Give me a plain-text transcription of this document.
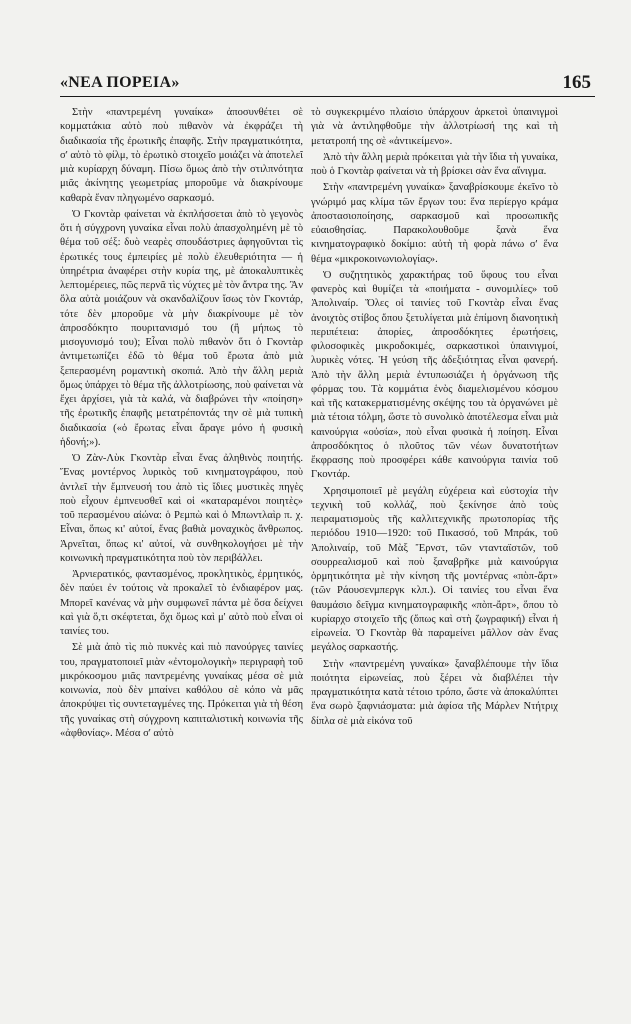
«ΝΕΑ ΠΟΡΕΙΑ»	165

Στὴν «παντρεμένη γυναίκα» ἀποσυνθέτει σὲ κομματάκια αὐτὸ ποὺ πιθανὸν νὰ ἐκφράζει τὴ διαδικασία τῆς ἐρωτικῆς ἐπαφῆς. Στὴν πραγματικότητα, σ' αὐτὸ τὸ φίλμ, τὸ ἐρωτικὸ στοιχεῖο μοιάζει νὰ ἀποτελεῖ μιὰ κυρίαρχη δύναμη. Πίσω ὅμως ἀπὸ τὴν στιλπνότητα μιᾶς ἀκίνητης γεωμετρίας μποροῦμε νὰ διακρίνουμε καθαρὰ ἕναν πληγωμένο σαρκασμό.

Ὁ Γκοντὰρ φαίνεται νὰ ἐκπλήσσεται ἀπὸ τὸ γεγονὸς ὅτι ἡ σύγχρονη γυναίκα εἶναι πολὺ ἀπασχολημένη μὲ τὸ θέμα τοῦ σέξ: δυὸ νεαρὲς σπουδάστριες ἀφηγοῦνται τὶς ἐρωτικές τους ἐμπειρίες μὲ πολὺ ἐλευθεριότητα — ἡ ὑπηρέτρια ἀναφέρει στὴν κυρία της, μὲ ἀποκαλυπτικὲς λεπτομέρειες, πῶς περνᾶ τὶς νύχτες μὲ τὸν ἄντρα της. Ἂν ὅλα αὐτὰ μοιάζουν νὰ σκανδαλίζουν ἴσως τὸν Γκοντάρ, τότε δὲν μποροῦμε νὰ μὴν διακρίνουμε μὲ τὸν ἀπροσδόκητο πουριτανισμό του (ἢ μήπως τὸ μισογυνισμό του); Εἶναι πολὺ πιθανὸν ὅτι ὁ Γκοντὰρ ἀντιμετωπίζει ἐδῶ τὸ θέμα τοῦ ἔρωτα ἀπὸ μιὰ ξεπερασμένη ρομαντικὴ σκοπιά. Ἀπὸ τὴν ἄλλη μεριὰ ὅμως ὑπάρχει τὸ θέμα τῆς ἀλλοτρίωσης, ποὺ φαίνεται νὰ ἔχει ἀρχίσει, γιὰ τὰ καλά, νὰ διαβρώνει τὴν «ποίηση» τῆς ἐρωτικῆς ἐπαφῆς μετατρέποντάς την σὲ μιὰ τυπικὴ διαδικασία («ὁ ἔρωτας εἶναι ἄραγε μόνο ἡ φυσικὴ ἡδονή;»).

Ὁ Ζὰν-Λὺκ Γκοντὰρ εἶναι ἕνας ἀληθινὸς ποιητής. Ἕνας μοντέρνος λυρικὸς τοῦ κινηματογράφου, ποὺ ἀντλεῖ τὴν ἔμπνευσή του ἀπὸ τὶς ἴδιες μυστικὲς πηγὲς ποὺ εἶχουν ἐμπνευσθεῖ καὶ οἱ «καταραμένοι ποιητὲς» τοῦ περασμένου αἰώνα: ὁ Ρεμπὼ καὶ ὁ Μπωντλαὶρ π. χ. Εἶναι, ὅπως κι' αὐτοί, ἕνας βαθιὰ μοναχικὸς ἄνθρωπος. Ἀρνεῖται, ὅπως κι' αὐτοί, νὰ συνθηκολογήσει μὲ τὴν κοινωνικὴ πραγματικότητα ποὺ τὸν περιβάλλει.

Ἀρνιερατικός, φαντασμένος, προκλητικὸς, ἐρμητικός, δὲν παύει ἐν τούτοις νὰ προκαλεῖ τὸ ἐνδιαφέρον μας. Μπορεῖ κανένας νὰ μὴν συμφωνεῖ πάντα μὲ ὅσα δείχνει καὶ γιὰ ὅ,τι σκέφτεται, ὄχι ὅμως καὶ μ' αὐτὸ ποὺ εἶναι οἱ ταινίες του.

Σὲ μιὰ ἀπὸ τὶς πιὸ πυκνὲς καὶ πιὸ πανούργες ταινίες του, πραγματοποιεῖ μιὰν «ἐντομολογικὴ» περιγραφὴ τοῦ μικρόκοσμου μιᾶς παντρεμένης γυναίκας μέσα σὲ μιὰ κοινωνία, ποὺ δὲν μπαίνει καθόλου σὲ κόπο νὰ μᾶς ἀποκρύψει τὶς συντεταγμένες της. Πρόκειται γιὰ τὴ θέση τῆς γυναίκας στὴ σύγχρονη καπιταλιστικὴ κοινωνία τῆς «ἀφθονίας». Μέσα σ' αὐτὸ

τὸ συγκεκριμένο πλαίσιο ὑπάρχουν ἀρκετοὶ ὑπαινιγμοὶ γιὰ νὰ ἀντιληφθοῦμε τὴν ἀλλοτρίωσή της καὶ τὴ μετατροπή της σὲ «ἀντικείμενο».

Ἀπὸ τὴν ἄλλη μεριὰ πρόκειται γιὰ τὴν ἴδια τὴ γυναίκα, ποὺ ὁ Γκοντὰρ φαίνεται νὰ τὴ βρίσκει σὰν ἕνα αἴνιγμα.

Στὴν «παντρεμένη γυναίκα» ξαναβρίσκουμε ἐκεῖνο τὸ γνώριμό μας κλίμα τῶν ἔργων του: ἕνα περίεργο κράμα ἀποστασιοποίησης, σαρκασμοῦ καὶ προσωπικῆς εὐαισθησίας. Παρακολουθοῦμε ξανὰ ἕνα κινηματογραφικὸ δοκίμιο: αὐτὴ τὴ φορὰ πάνω σ' ἕνα θέμα «μικροκοινωνιολογίας».

Ὁ συζητητικὸς χαρακτήρας τοῦ ὕφους του εἶναι φανερὸς καὶ θυμίζει τὰ «ποιήματα - συνομιλίες» τοῦ Ἀπολιναίρ. Ὅλες οἱ ταινίες τοῦ Γκοντὰρ εἶναι ἕνας ἀνοιχτὸς στίβος ὅπου ξετυλίγεται μιὰ ἐπίμονη διανοητικὴ περιπέτεια: ἀπορίες, ἀπροσδόκητες ἐρωτήσεις, φιλοσοφικὲς μικροδοκιμές, σαρκαστικοὶ ὑπαινιγμοί, λυρικὲς νότες. Ἡ γεύση τῆς ἀδεξιότητας εἶναι φανερή. Ἀπὸ τὴν ἄλλη μεριὰ ἐντυπωσιάζει ἡ ὀργάνωση τῆς φόρμας του. Τὰ κομμάτια ἑνὸς διαμελισμένου κόσμου καὶ τῆς κατακερματισμένης σκέψης του τὰ ὀργανώνει μὲ μιὰ τέτοια τόλμη, ὥστε τὸ συνολικὸ ἀποτέλεσμα εἶναι μιὰ καινούργια «οὐσία», ποὺ εἶναι φυσικὰ ἡ ποίηση. Εἶναι ἀπροσδόκητος ὁ πλοῦτος τῶν νέων δυνατοτήτων ἔκφρασης ποὺ προσφέρει κάθε καινούργια ταινία τοῦ Γκοντάρ.

Χρησιμοποιεῖ μὲ μεγάλη εὐχέρεια καὶ εὐστοχία τὴν τεχνικὴ τοῦ κολλάζ, ποὺ ξεκίνησε ἀπὸ τοὺς πειραματισμοὺς τῆς καλλιτεχνικῆς πρωτοπορίας τῆς περιόδου 1910—1920: τοῦ Πικασσό, τοῦ Μπράκ, τοῦ Ἀπολιναίρ, τοῦ Μὰξ Ἔρνστ, τῶν ντανταϊστῶν, τοῦ σουρρεαλισμοῦ καὶ ποὺ ξαναβρῆκε μιὰ καινούργια ὁρμητικότητα μὲ τὴν κίνηση τῆς μοντέρνας «πὸπ-ἄρτ» (τῶν Ράουσενμπεργκ κλπ.). Οἱ ταινίες του εἶναι ἕνα θαυμάσιο δεῖγμα κινηματογραφικῆς «πὸπ-ἄρτ», ὅπου τὸ κυρίαρχο στοιχεῖο τῆς (ὅπως καὶ στὴ ζωγραφική) εἶναι ἡ εἰρωνεία. Ὁ Γκοντὰρ θὰ παραμείνει μᾶλλον σὰν ἕνας μεγάλος σαρκαστής.

Στὴν «παντρεμένη γυναίκα» ξαναβλέπουμε τὴν ἴδια ποιότητα εἰρωνείας, ποὺ ξέρει νὰ διαβλέπει τὴν πραγματικότητα κατὰ τέτοιο τρόπο, ὥστε νὰ ἀποκαλύπτει ἕνα σωρὸ ξαφνιάσματα: μιὰ ἀφίσα τῆς Μάρλεν Ντήτριχ δίπλα σὲ μιὰ εἰκόνα τοῦ
